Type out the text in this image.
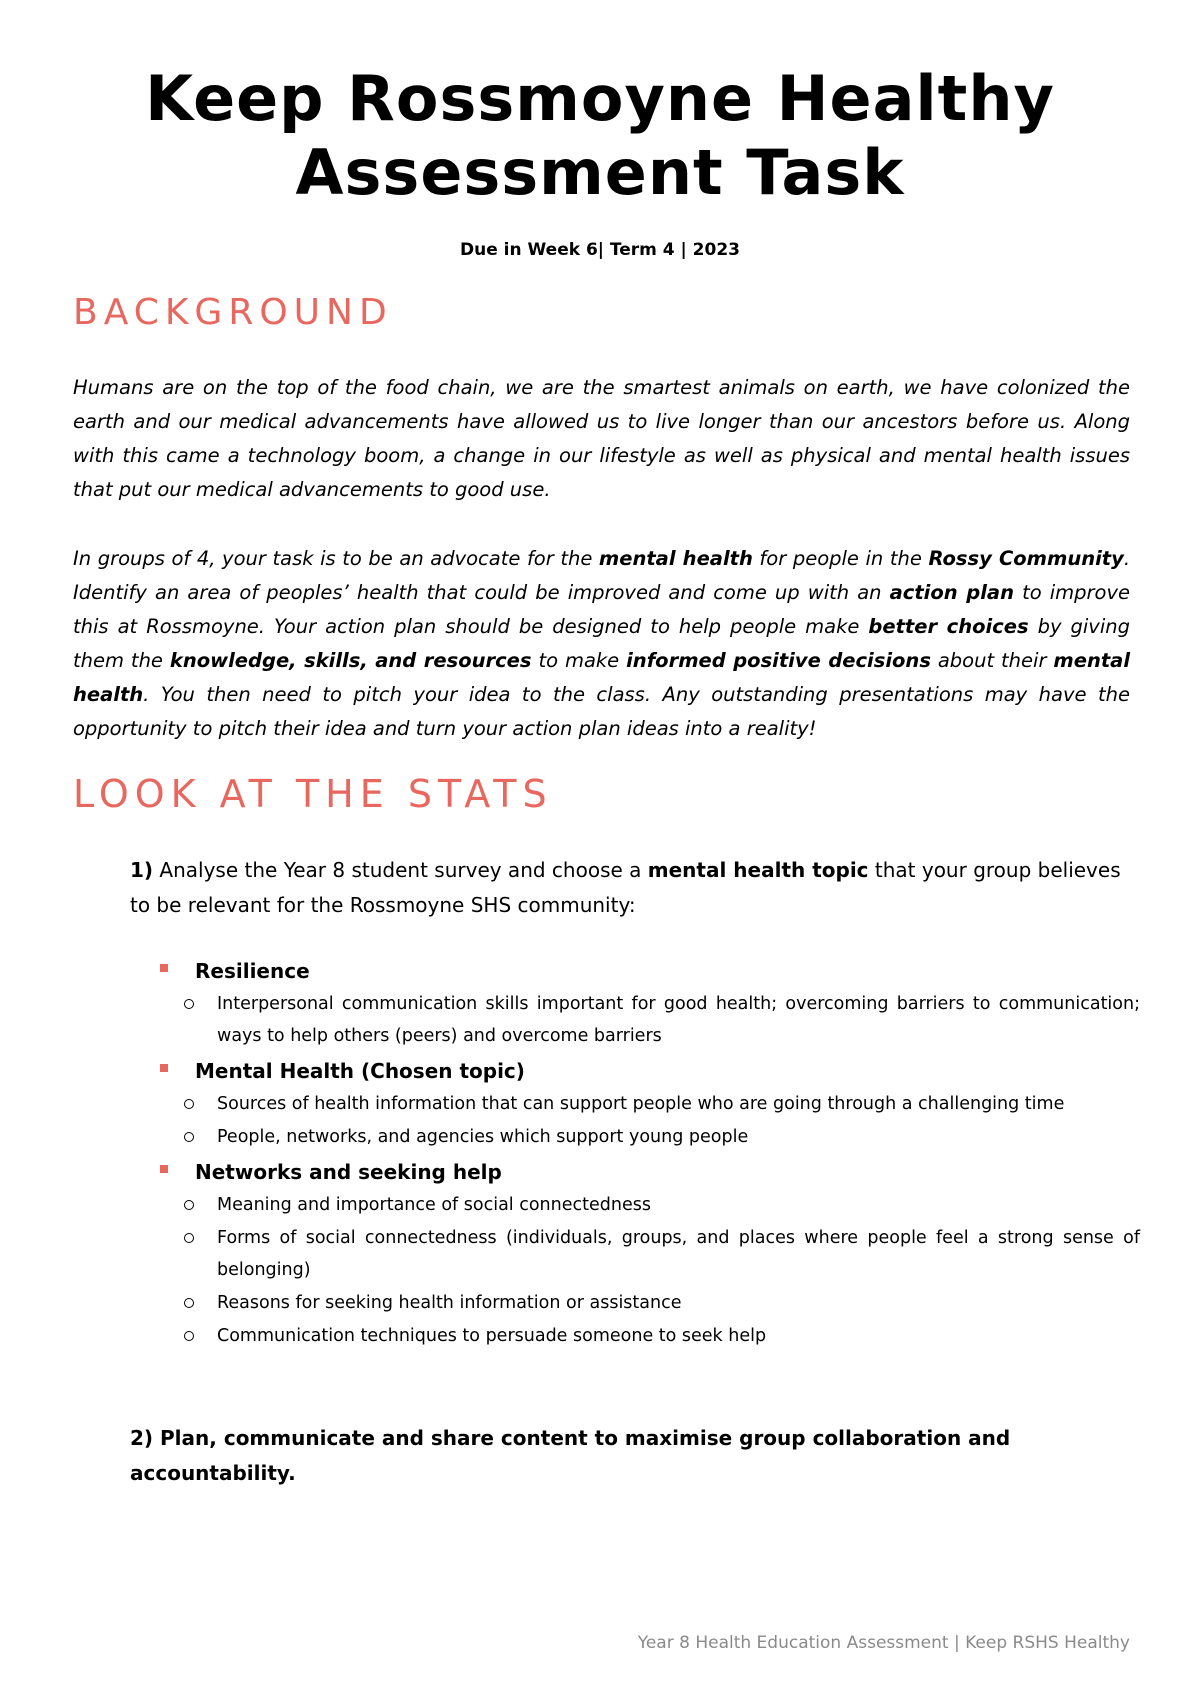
Keep Rossmoyne Healthy
Assessment Task
Due in Week 6| Term 4 | 2023
BACKGROUND

Humans are on the top of the food chain, we are the smartest animals on earth, we have colonized the earth and our medical advancements have allowed us to live longer than our ancestors before us. Along with this came a technology boom, a change in our lifestyle as well as physical and mental health issues that put our medical advancements to good use.

In groups of 4, your task is to be an advocate for the mental health for people in the Rossy Community. Identify an area of peoples’ health that could be improved and come up with an action plan to improve this at Rossmoyne. Your action plan should be designed to help people make better choices by giving them the knowledge, skills, and resources to make informed positive decisions about their mental health. You then need to pitch your idea to the class. Any outstanding presentations may have the opportunity to pitch their idea and turn your action plan ideas into a reality!

LOOK AT THE STATS

1) Analyse the Year 8 student survey and choose a mental health topic that your group believes to be relevant for the Rossmoyne SHS community:

Resilience
Interpersonal communication skills important for good health; overcoming barriers to communication; ways to help others (peers) and overcome barriers
Mental Health (Chosen topic)
Sources of health information that can support people who are going through a challenging time
People, networks, and agencies which support young people
Networks and seeking help
Meaning and importance of social connectedness
Forms of social connectedness (individuals, groups, and places where people feel a strong sense of belonging)
Reasons for seeking health information or assistance
Communication techniques to persuade someone to seek help

2) Plan, communicate and share content to maximise group collaboration and accountability.

Year 8 Health Education Assessment | Keep RSHS Healthy
